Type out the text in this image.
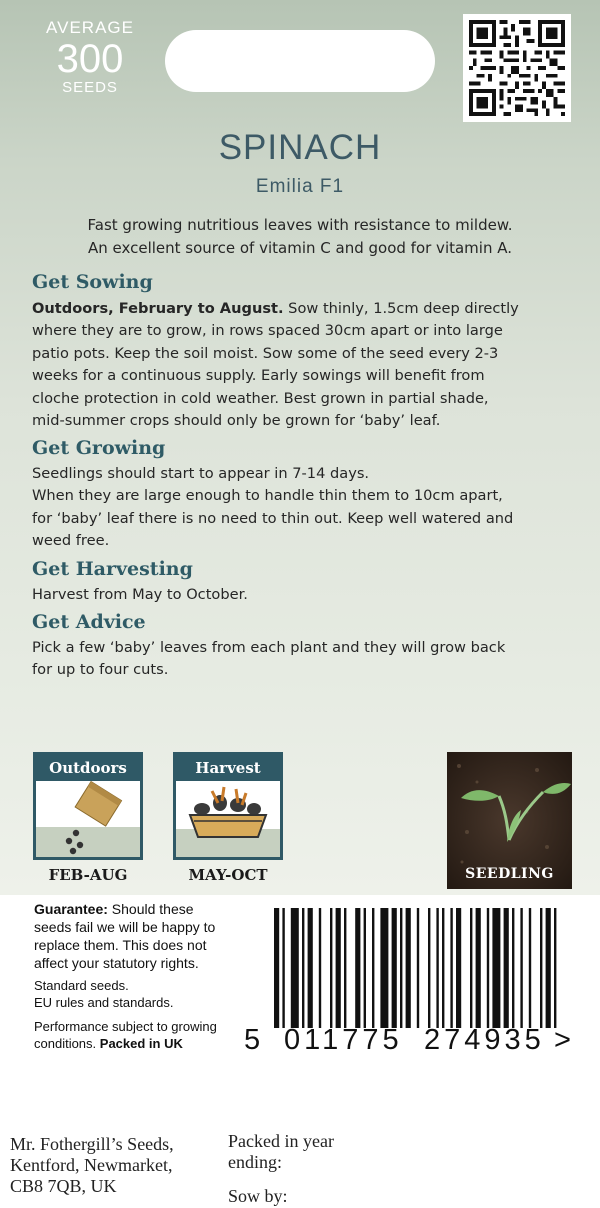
AVERAGE
300
SEEDS
SPINACH
Emilia F1
Fast growing nutritious leaves with resistance to mildew.
An excellent source of vitamin C and good for vitamin A.
Get Sowing
Outdoors, February to August. Sow thinly, 1.5cm deep directly
where they are to grow, in rows spaced 30cm apart or into large
patio pots. Keep the soil moist. Sow some of the seed every 2-3
weeks for a continuous supply. Early sowings will benefit from
cloche protection in cold weather. Best grown in partial shade,
mid-summer crops should only be grown for ‘baby’ leaf.
Get Growing
Seedlings should start to appear in 7-14 days.
When they are large enough to handle thin them to 10cm apart,
for ‘baby’ leaf there is no need to thin out. Keep well watered and
weed free.
Get Harvesting
Harvest from May to October.
Get Advice
Pick a few ‘baby’ leaves from each plant and they will grow back
for up to four cuts.
Outdoors
FEB-AUG
Harvest
MAY-OCT	SEEDLING
Guarantee: Should these
seeds fail we will be happy to
replace them. This does not
affect your statutory rights.
Standard seeds.
EU rules and standards.
Performance subject to growing
conditions. Packed in UK	5 011775 274935 >
Mr. Fothergill’s Seeds,
Kentford, Newmarket,
CB8 7QB, UK
Packed in year
ending:
Sow by:
